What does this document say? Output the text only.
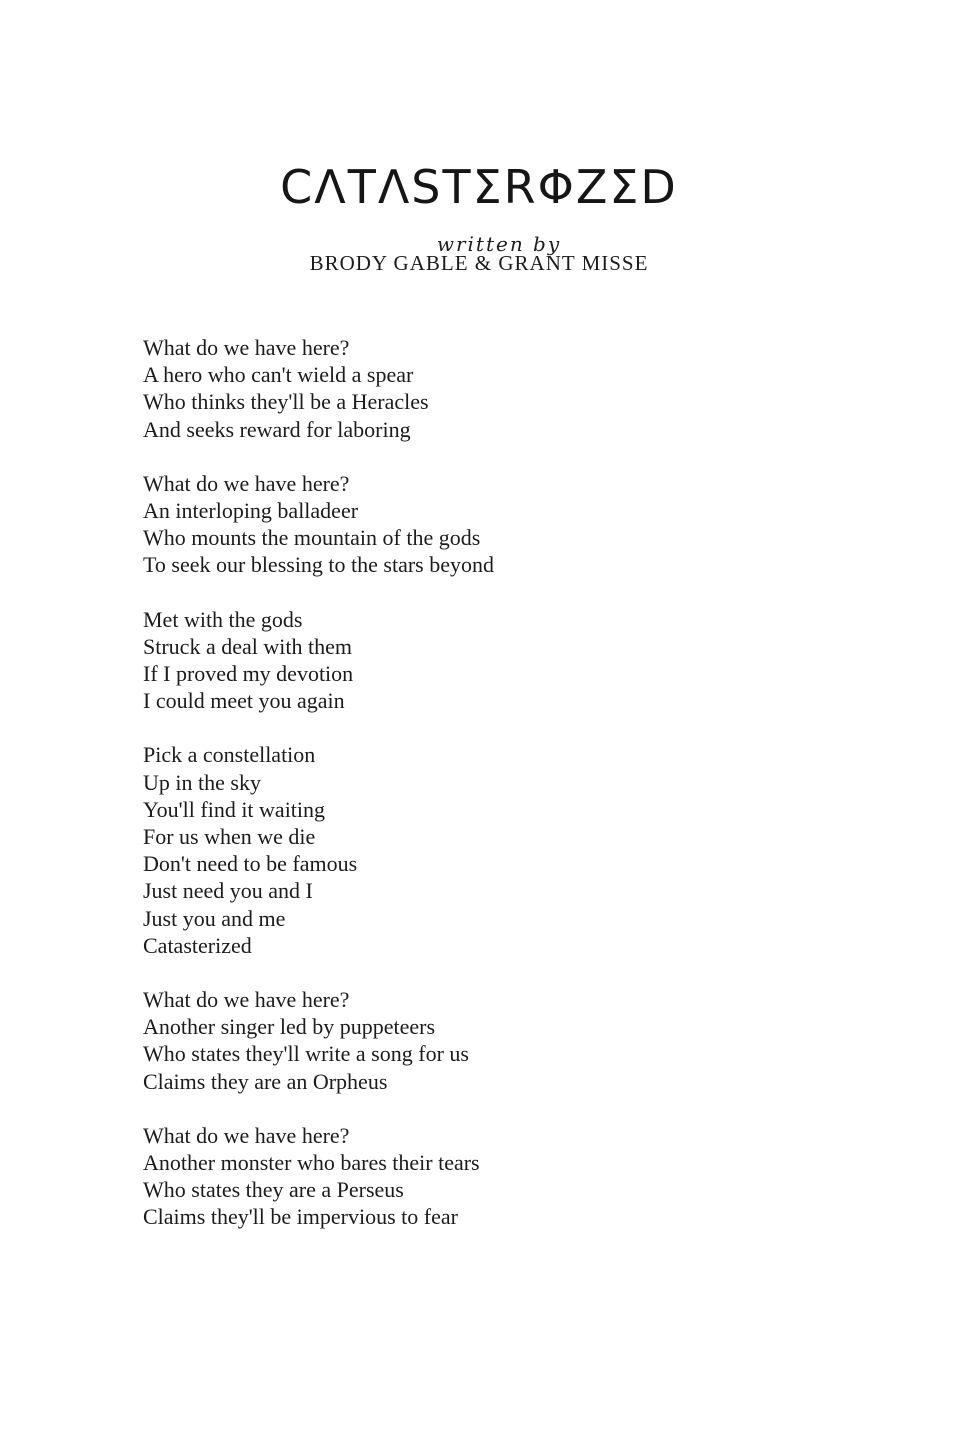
CΛTΛSTΣRΦZΣD
written by
BRODY GABLE & GRANT MISSE
What do we have here?
A hero who can't wield a spear
Who thinks they'll be a Heracles
And seeks reward for laboring
What do we have here?
An interloping balladeer
Who mounts the mountain of the gods
To seek our blessing to the stars beyond
Met with the gods
Struck a deal with them
If I proved my devotion
I could meet you again
Pick a constellation
Up in the sky
You'll find it waiting
For us when we die
Don't need to be famous
Just need you and I
Just you and me
Catasterized
What do we have here?
Another singer led by puppeteers
Who states they'll write a song for us
Claims they are an Orpheus
What do we have here?
Another monster who bares their tears
Who states they are a Perseus
Claims they'll be impervious to fear
